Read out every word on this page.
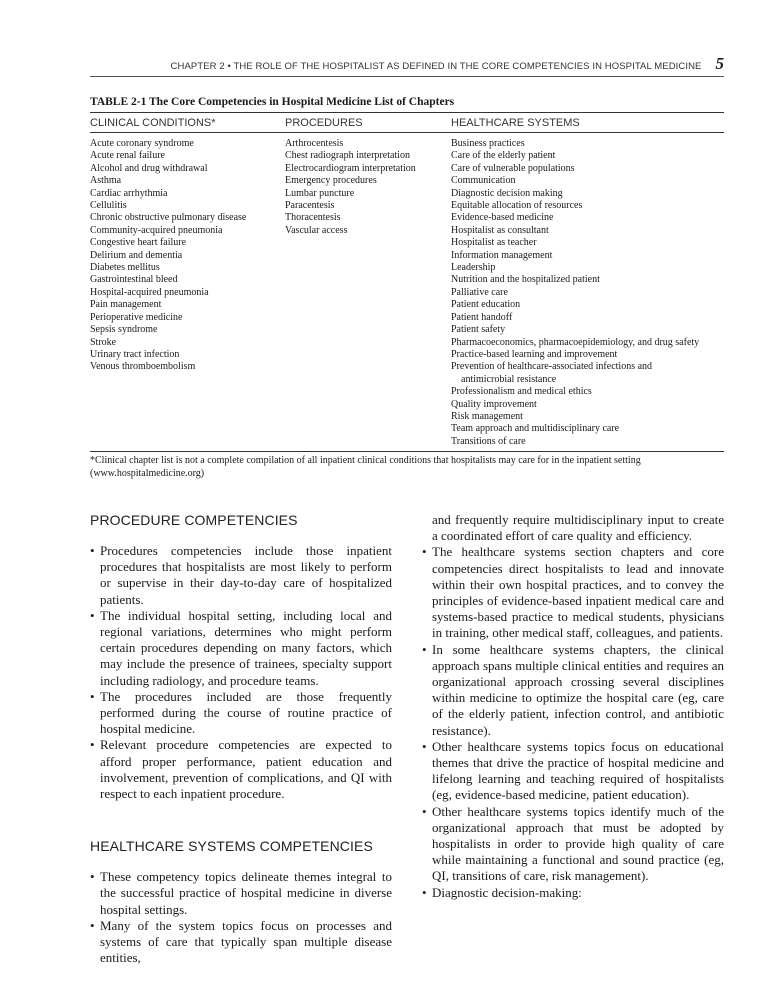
CHAPTER 2 • THE ROLE OF THE HOSPITALIST AS DEFINED IN THE CORE COMPETENCIES IN HOSPITAL MEDICINE 5
TABLE 2-1 The Core Competencies in Hospital Medicine List of Chapters
CLINICAL CONDITIONS*	PROCEDURES	HEALTHCARE SYSTEMS
Acute coronary syndrome
Acute renal failure
Alcohol and drug withdrawal
Asthma
Cardiac arrhythmia
Cellulitis
Chronic obstructive pulmonary disease
Community-acquired pneumonia
Congestive heart failure
Delirium and dementia
Diabetes mellitus
Gastrointestinal bleed
Hospital-acquired pneumonia
Pain management
Perioperative medicine
Sepsis syndrome
Stroke
Urinary tract infection
Venous thromboembolism
Arthrocentesis
Chest radiograph interpretation
Electrocardiogram interpretation
Emergency procedures
Lumbar puncture
Paracentesis
Thoracentesis
Vascular access
Business practices
Care of the elderly patient
Care of vulnerable populations
Communication
Diagnostic decision making
Equitable allocation of resources
Evidence-based medicine
Hospitalist as consultant
Hospitalist as teacher
Information management
Leadership
Nutrition and the hospitalized patient
Palliative care
Patient education
Patient handoff
Patient safety
Pharmacoeconomics, pharmacoepidemiology, and drug safety
Practice-based learning and improvement
Prevention of healthcare-associated infections and
antimicrobial resistance
Professionalism and medical ethics
Quality improvement
Risk management
Team approach and multidisciplinary care
Transitions of care
*Clinical chapter list is not a complete compilation of all inpatient clinical conditions that hospitalists may care for in the inpatient setting (www.hospitalmedicine.org)
PROCEDURE COMPETENCIES
• Procedures competencies include those inpatient procedures that hospitalists are most likely to perform or supervise in their day-to-day care of hospitalized patients.
• The individual hospital setting, including local and regional variations, determines who might perform certain procedures depending on many factors, which may include the presence of trainees, specialty support including radiology, and procedure teams.
• The procedures included are those frequently performed during the course of routine practice of hospital medicine.
• Relevant procedure competencies are expected to afford proper performance, patient education and involvement, prevention of complications, and QI with respect to each inpatient procedure.
HEALTHCARE SYSTEMS COMPETENCIES
• These competency topics delineate themes integral to the successful practice of hospital medicine in diverse hospital settings.
• Many of the system topics focus on processes and systems of care that typically span multiple disease entities,

and frequently require multidisciplinary input to create a coordinated effort of care quality and efficiency.

• The healthcare systems section chapters and core competencies direct hospitalists to lead and innovate within their own hospital practices, and to convey the principles of evidence-based inpatient medical care and systems-based practice to medical students, physicians in training, other medical staff, colleagues, and patients.
• In some healthcare systems chapters, the clinical approach spans multiple clinical entities and requires an organizational approach crossing several disciplines within medicine to optimize the hospital care (eg, care of the elderly patient, infection control, and antibiotic resistance).
• Other healthcare systems topics focus on educational themes that drive the practice of hospital medicine and lifelong learning and teaching required of hospitalists (eg, evidence-based medicine, patient education).
• Other healthcare systems topics identify much of the organizational approach that must be adopted by hospitalists in order to provide high quality of care while maintaining a functional and sound practice (eg, QI, transitions of care, risk management).
• Diagnostic decision-making:
